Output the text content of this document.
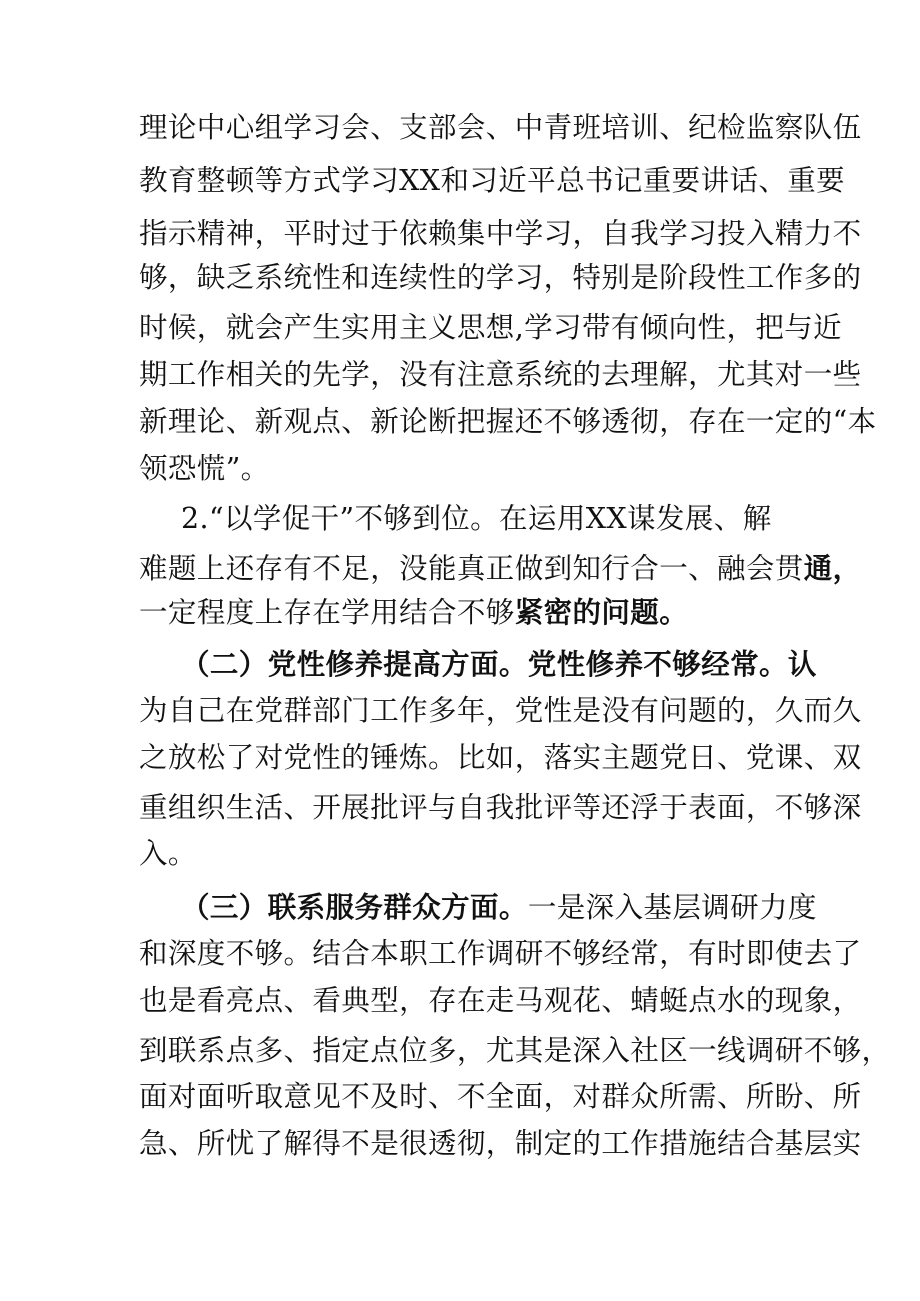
理论中心组学习会、支部会、中青班培训、纪检监察队伍
教育整顿等方式学习XX和习近平总书记重要讲话、重要
指示精神，平时过于依赖集中学习，自我学习投入精力不
够，缺乏系统性和连续性的学习，特别是阶段性工作多的
时候，就会产生实用主义思想,学习带有倾向性，把与近
期工作相关的先学，没有注意系统的去理解，尤其对一些
新理论、新观点、新论断把握还不够透彻，存在一定的“本
领恐慌”。
2.“以学促干”不够到位。在运用XX谋发展、解
难题上还存有不足，没能真正做到知行合一、融会贯通，
一定程度上存在学用结合不够紧密的问题。
（二）党性修养提高方面。党性修养不够经常。认
为自己在党群部门工作多年，党性是没有问题的，久而久
之放松了对党性的锤炼。比如，落实主题党日、党课、双
重组织生活、开展批评与自我批评等还浮于表面，不够深
入。
（三）联系服务群众方面。一是深入基层调研力度
和深度不够。结合本职工作调研不够经常，有时即使去了
也是看亮点、看典型，存在走马观花、蜻蜓点水的现象，
到联系点多、指定点位多，尤其是深入社区一线调研不够，
面对面听取意见不及时、不全面，对群众所需、所盼、所
急、所忧了解得不是很透彻，制定的工作措施结合基层实
